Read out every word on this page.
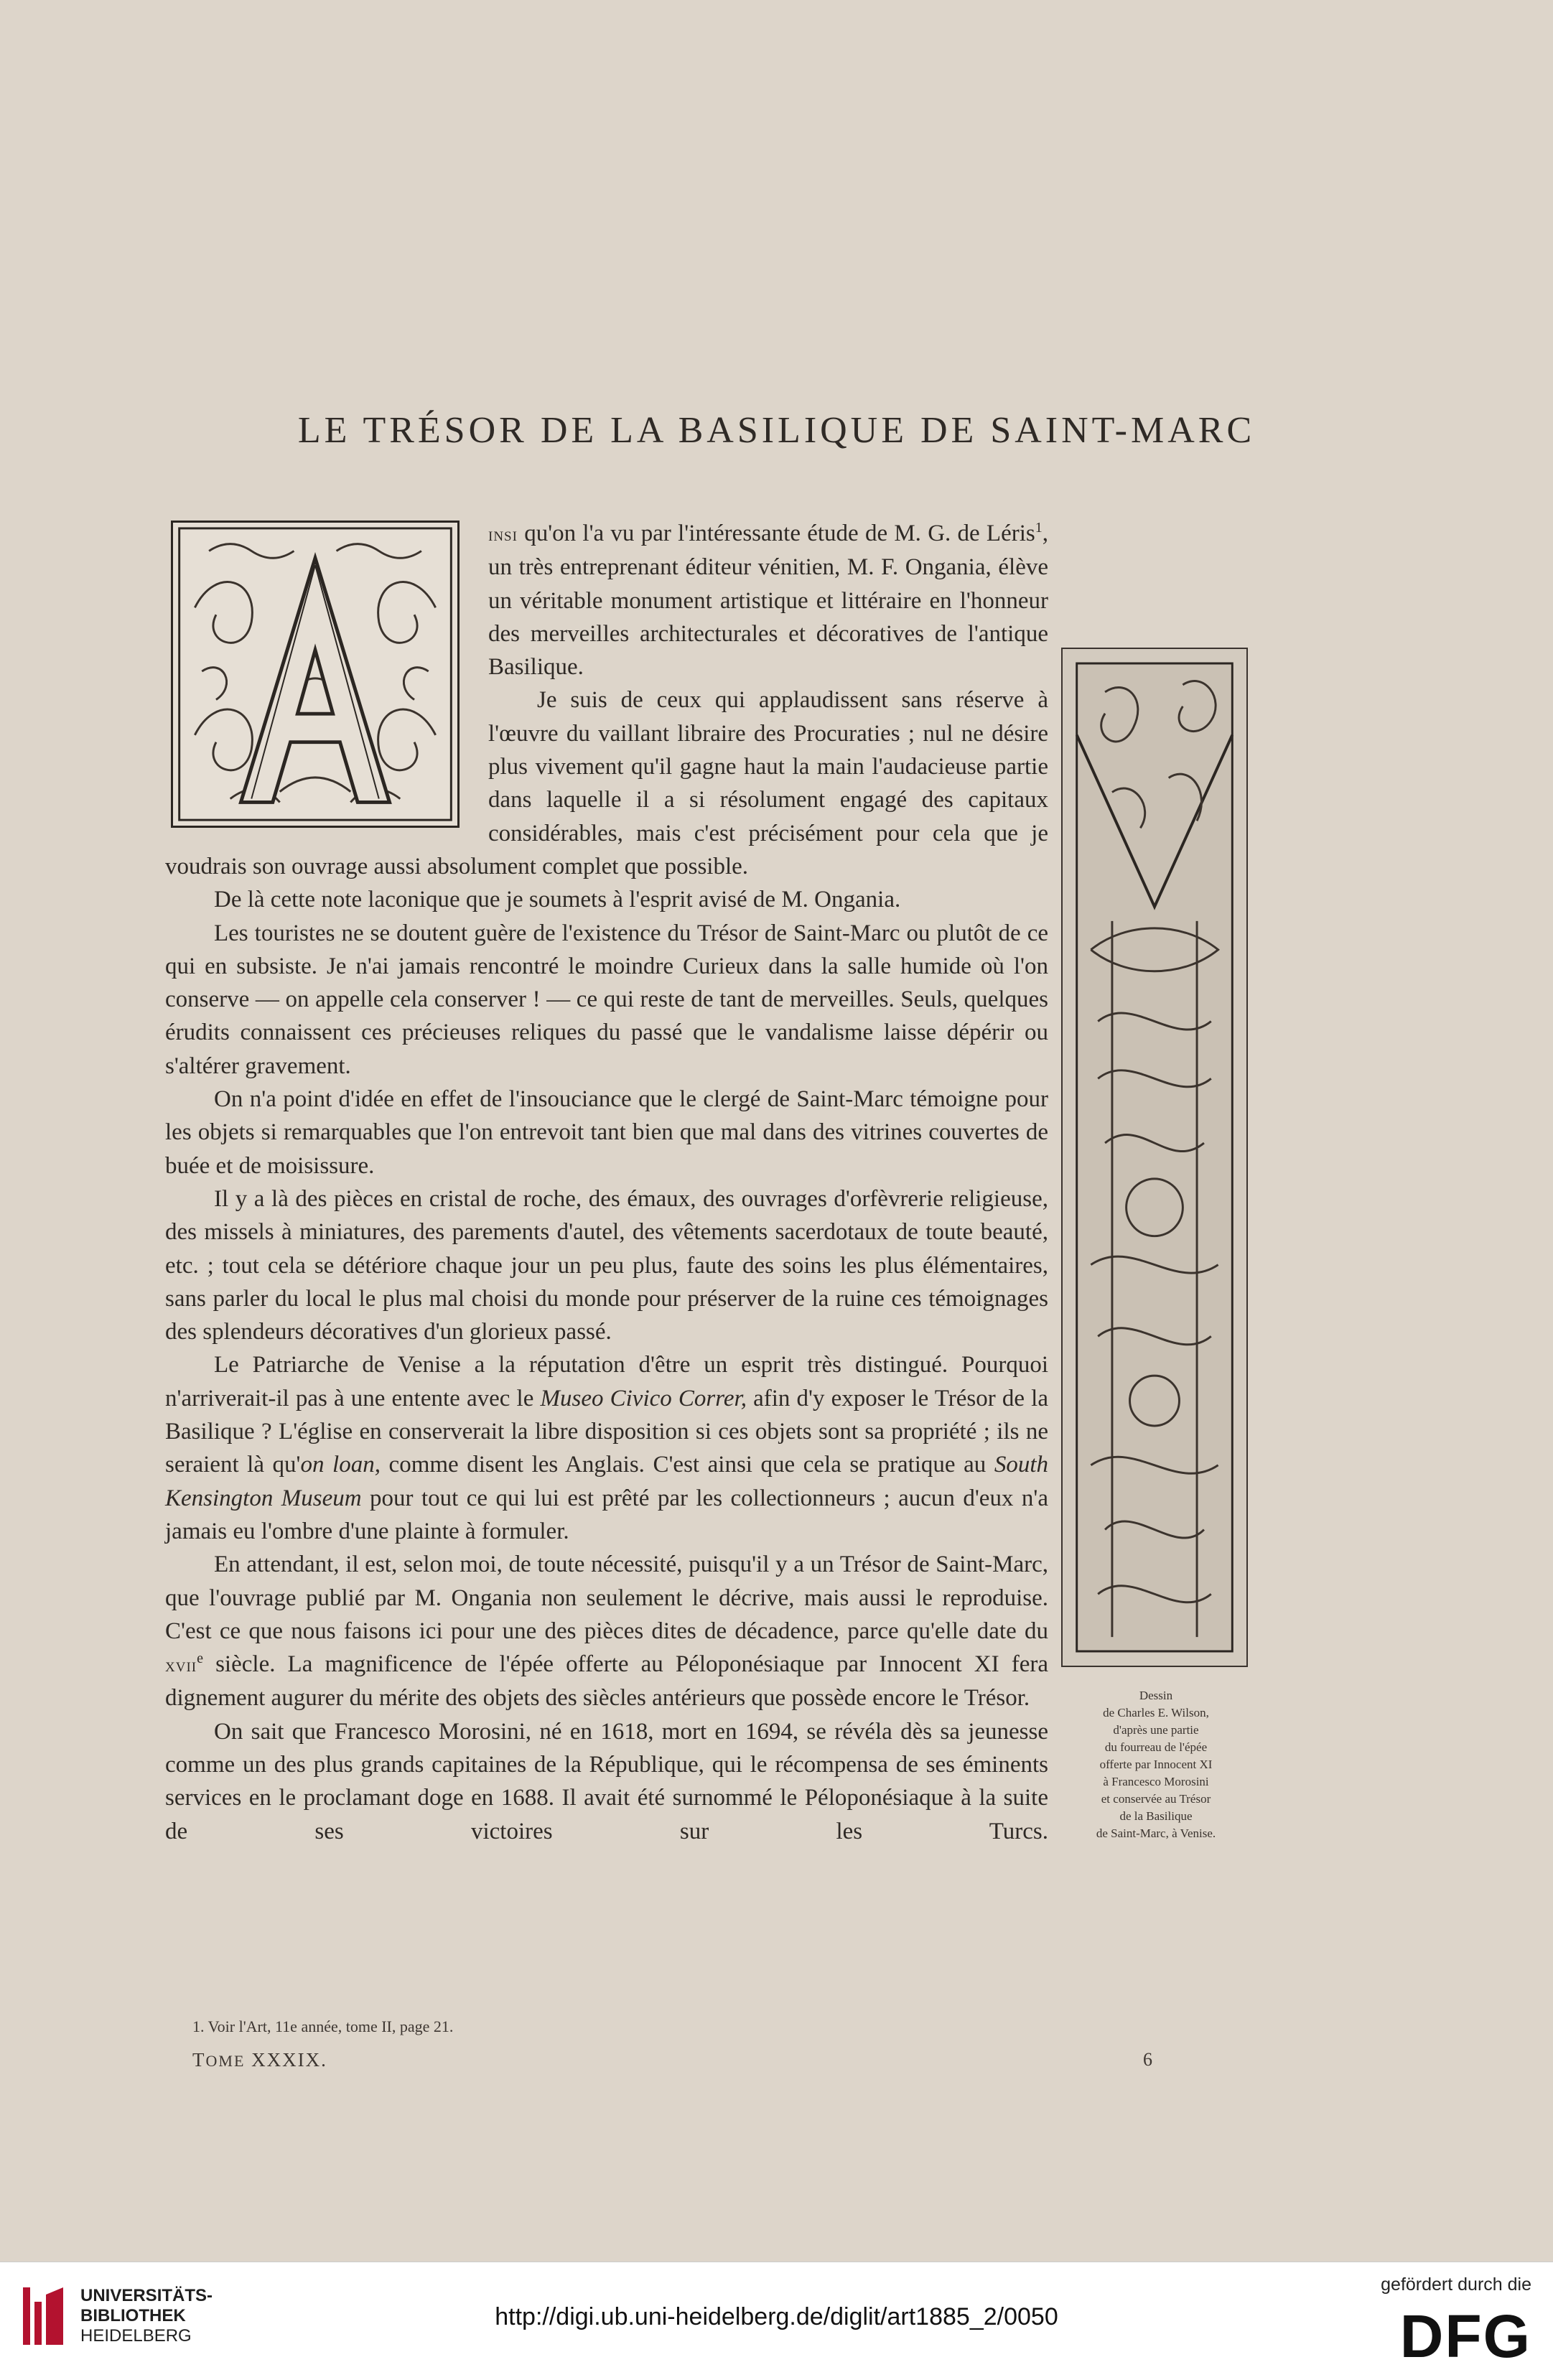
LE TRÉSOR DE LA BASILIQUE DE SAINT-MARC

insi qu'on l'a vu par l'intéressante étude de M. G. de Léris$^1$, un très entreprenant éditeur vénitien, M. F. Ongania, élève un véritable monument artistique et littéraire en l'honneur des merveilles architecturales et décoratives de l'antique Basilique.

Je suis de ceux qui applaudissent sans réserve à l'œuvre du vaillant libraire des Procuraties ; nul ne désire plus vivement qu'il gagne haut la main l'audacieuse partie dans laquelle il a si résolument engagé des capitaux considérables, mais c'est précisément pour cela que je voudrais son ouvrage aussi absolument complet que possible.

De là cette note laconique que je soumets à l'esprit avisé de M. Ongania.

Les touristes ne se doutent guère de l'existence du Trésor de Saint-Marc ou plutôt de ce qui en subsiste. Je n'ai jamais rencontré le moindre Curieux dans la salle humide où l'on conserve — on appelle cela conserver ! — ce qui reste de tant de merveilles. Seuls, quelques érudits connaissent ces précieuses reliques du passé que le vandalisme laisse dépérir ou s'altérer gravement.

On n'a point d'idée en effet de l'insouciance que le clergé de Saint-Marc témoigne pour les objets si remarquables que l'on entrevoit tant bien que mal dans des vitrines couvertes de buée et de moisissure.

Il y a là des pièces en cristal de roche, des émaux, des ouvrages d'orfèvrerie religieuse, des missels à miniatures, des parements d'autel, des vêtements sacerdotaux de toute beauté, etc. ; tout cela se détériore chaque jour un peu plus, faute des soins les plus élémentaires, sans parler du local le plus mal choisi du monde pour préserver de la ruine ces témoignages des splendeurs décoratives d'un glorieux passé.

Le Patriarche de Venise a la réputation d'être un esprit très distingué. Pourquoi n'arriverait-il pas à une entente avec le Museo Civico Correr, afin d'y exposer le Trésor de la Basilique ? L'église en conserverait la libre disposition si ces objets sont sa propriété ; ils ne seraient là qu'on loan, comme disent les Anglais. C'est ainsi que cela se pratique au South Kensington Museum pour tout ce qui lui est prêté par les collectionneurs ; aucun d'eux n'a jamais eu l'ombre d'une plainte à formuler.

En attendant, il est, selon moi, de toute nécessité, puisqu'il y a un Trésor de Saint-Marc, que l'ouvrage publié par M. Ongania non seulement le décrive, mais aussi le reproduise. C'est ce que nous faisons ici pour une des pièces dites de décadence, parce qu'elle date du xvii$^e$ siècle. La magnificence de l'épée offerte au Péloponésiaque par Innocent XI fera dignement augurer du mérite des objets des siècles antérieurs que possède encore le Trésor.

On sait que Francesco Morosini, né en 1618, mort en 1694, se révéla dès sa jeunesse comme un des plus grands capitaines de la République, qui le récompensa de ses éminents services en le proclamant doge en 1688. Il avait été surnommé le Péloponésiaque à la suite de ses victoires sur les Turcs.

Dessin
de Charles E. Wilson,
d'après une partie
du fourreau de l'épée
offerte par Innocent XI
à Francesco Morosini
et conservée au Trésor
de la Basilique
de Saint-Marc, à Venise.
1. Voir l'Art, 11e année, tome II, page 21.
TOME XXXIX.	6
UNIVERSITÄTS-
BIBLIOTHEK
HEIDELBERG
http://digi.ub.uni-heidelberg.de/diglit/art1885_2/0050
gefördert durch die
DFG
